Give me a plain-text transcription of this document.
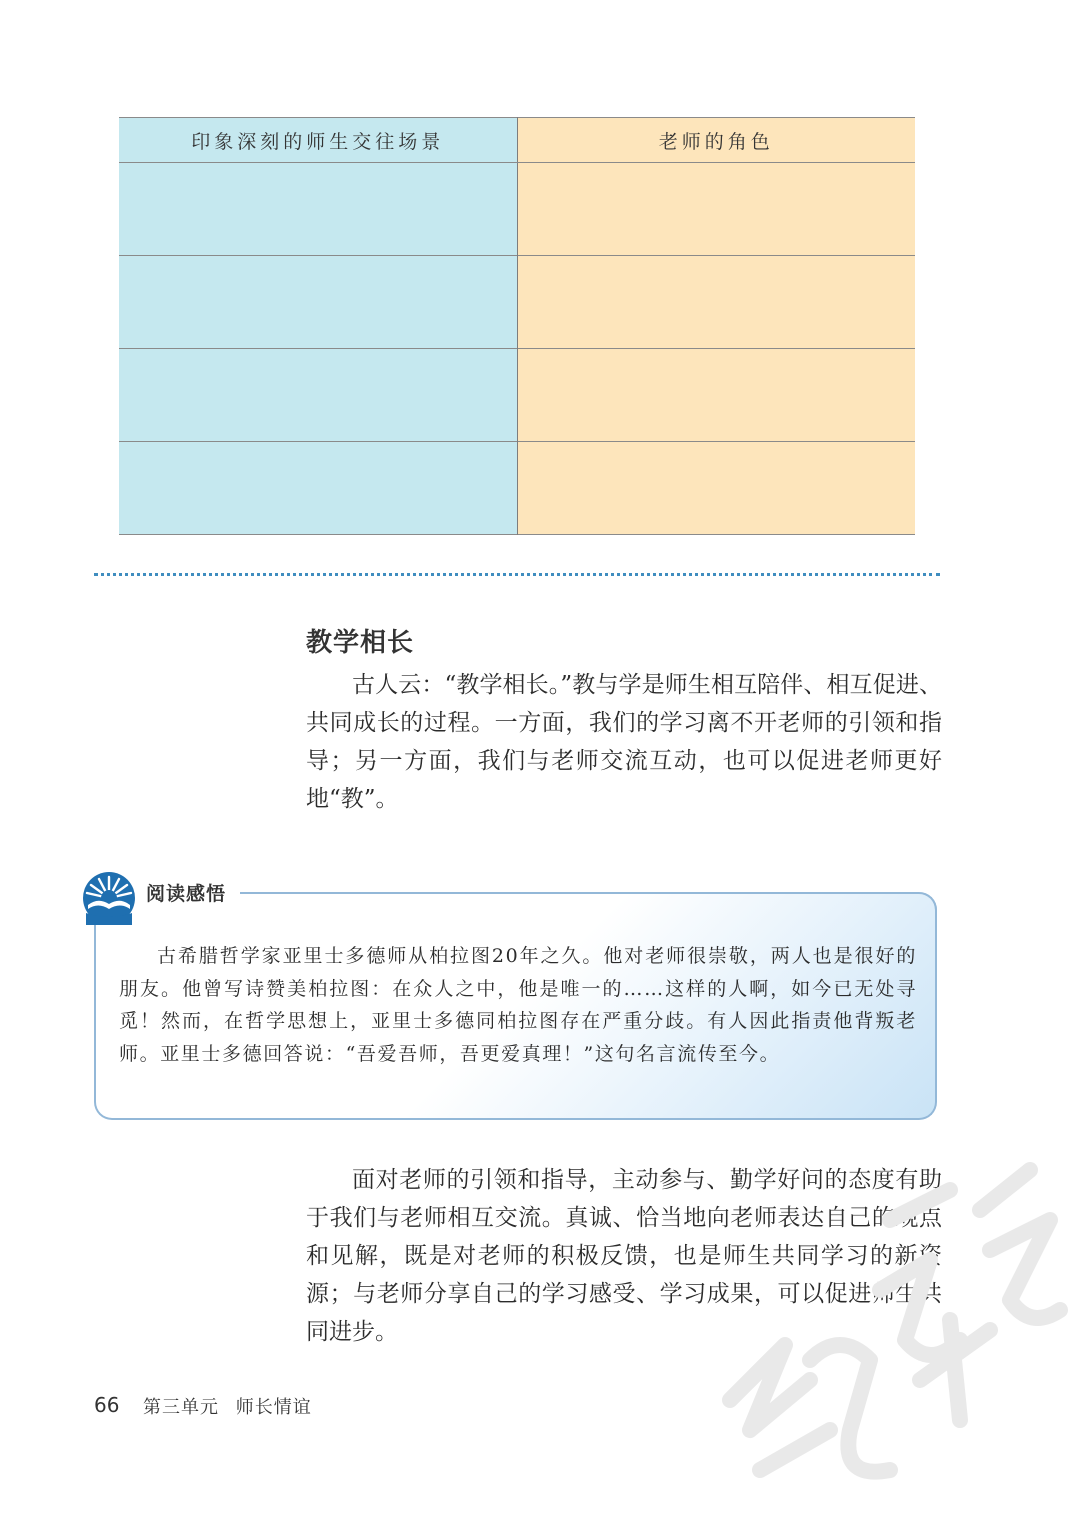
印象深刻的师生交往场景	老师的角色

教学相长

古人云：“教学相长。”教与学是师生相互陪伴、相互促进、共同成长的过程。一方面，我们的学习离不开老师的引领和指导；另一方面，我们与老师交流互动，也可以促进老师更好地“教”。

阅读感悟

古希腊哲学家亚里士多德师从柏拉图20年之久。他对老师很崇敬，两人也是很好的朋友。他曾写诗赞美柏拉图：在众人之中，他是唯一的……这样的人啊，如今已无处寻觅！然而，在哲学思想上，亚里士多德同柏拉图存在严重分歧。有人因此指责他背叛老师。亚里士多德回答说：“吾爱吾师，吾更爱真理！”这句名言流传至今。

面对老师的引领和指导，主动参与、勤学好问的态度有助于我们与老师相互交流。真诚、恰当地向老师表达自己的观点和见解，既是对老师的积极反馈，也是师生共同学习的新资源；与老师分享自己的学习感受、学习成果，可以促进师生共同进步。

66 第三单元 师长情谊
